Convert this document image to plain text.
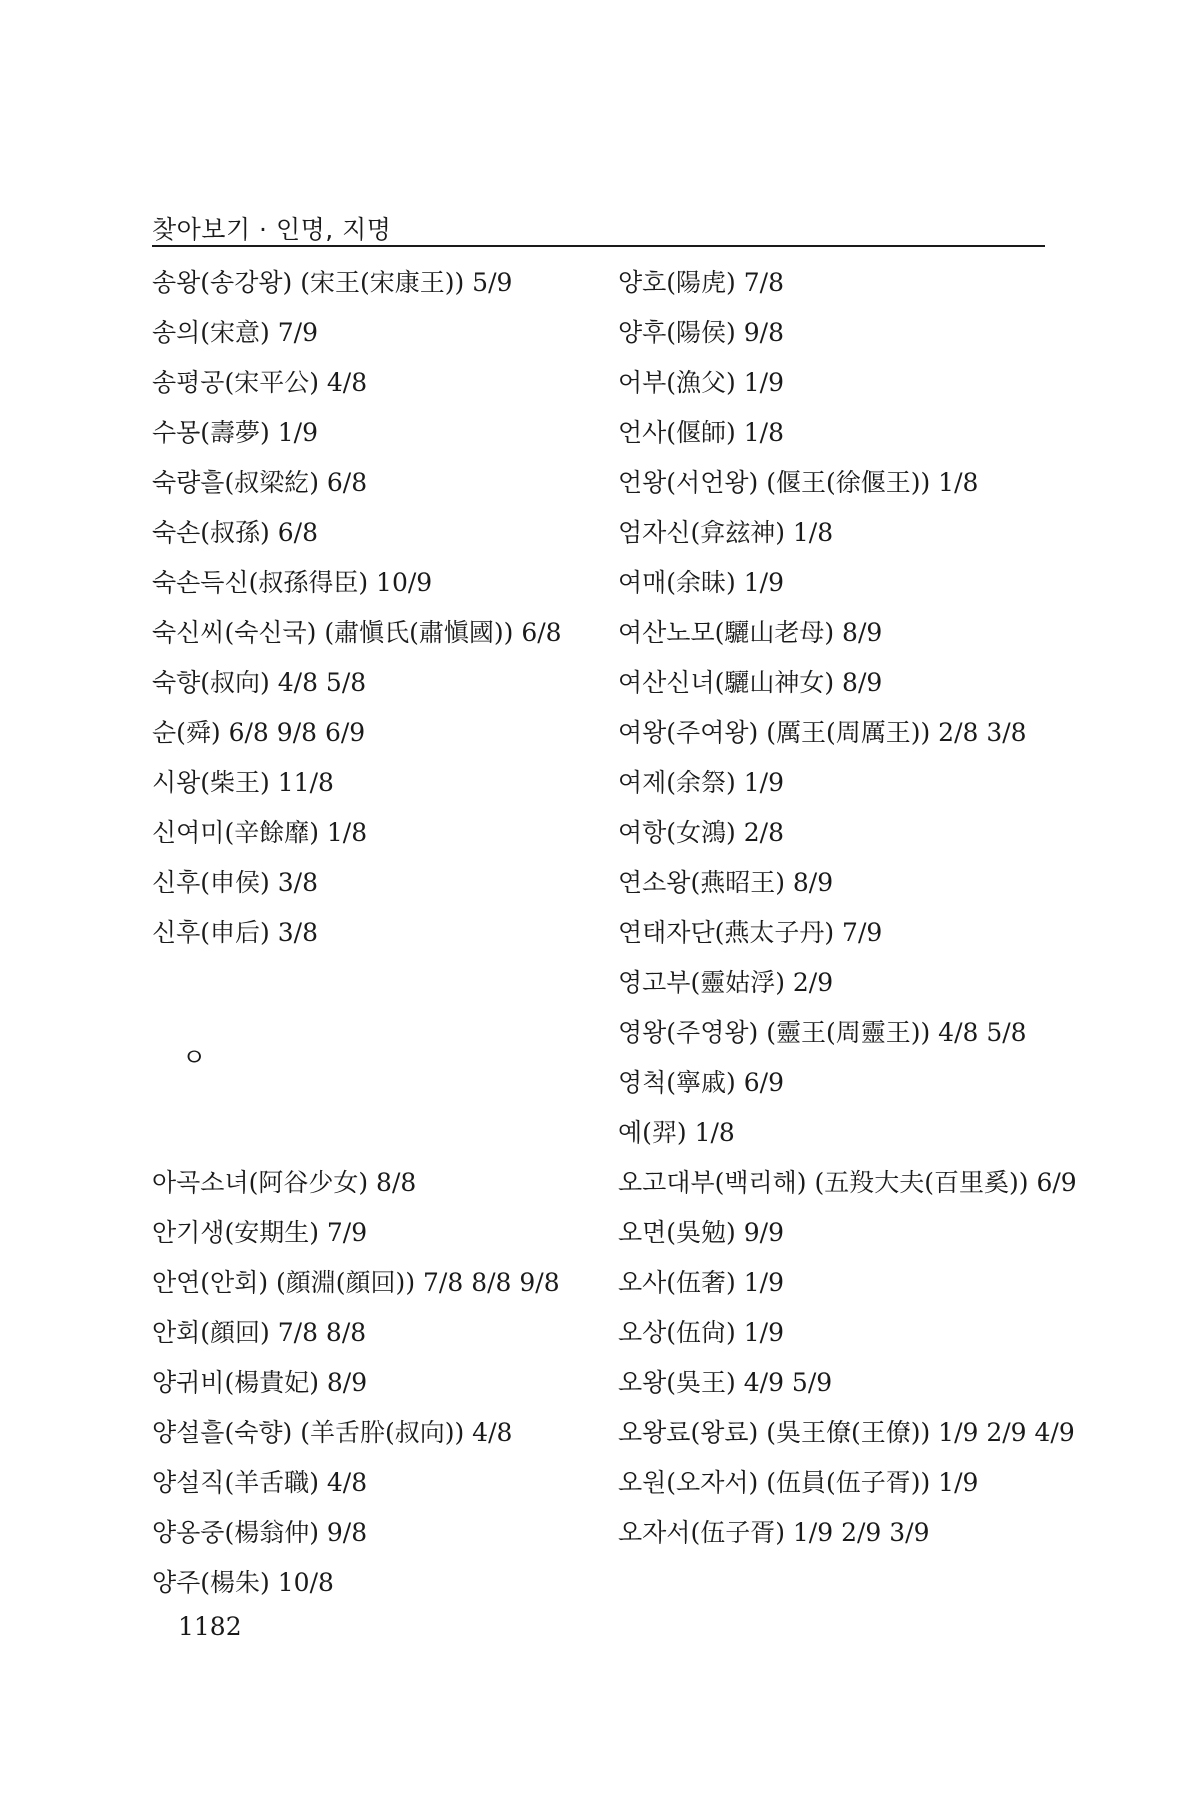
찾아보기 · 인명, 지명
송왕(송강왕) (宋王(宋康王)) 5/9
송의(宋意) 7/9
송평공(宋平公) 4/8
수몽(壽夢) 1/9
숙량흘(叔梁紇) 6/8
숙손(叔孫) 6/8
숙손득신(叔孫得臣) 10/9
숙신씨(숙신국) (肅愼氏(肅愼國)) 6/8
숙향(叔向) 4/8 5/8
순(舜) 6/8 9/8 6/9
시왕(柴王) 11/8
신여미(辛餘靡) 1/8
신후(申侯) 3/8
신후(申后) 3/8
ㅇ
아곡소녀(阿谷少女) 8/8
안기생(安期生) 7/9
안연(안회) (顔淵(顔回)) 7/8 8/8 9/8
안회(顔回) 7/8 8/8
양귀비(楊貴妃) 8/9
양설흘(숙향) (羊舌肸(叔向)) 4/8
양설직(羊舌職) 4/8
양옹중(楊翁仲) 9/8
양주(楊朱) 10/8
양호(陽虎) 7/8
양후(陽侯) 9/8
어부(漁父) 1/9
언사(偃師) 1/8
언왕(서언왕) (偃王(徐偃王)) 1/8
엄자신(弇玆神) 1/8
여매(余昧) 1/9
여산노모(驪山老母) 8/9
여산신녀(驪山神女) 8/9
여왕(주여왕) (厲王(周厲王)) 2/8 3/8
여제(余祭) 1/9
여항(女鴻) 2/8
연소왕(燕昭王) 8/9
연태자단(燕太子丹) 7/9
영고부(靈姑浮) 2/9
영왕(주영왕) (靈王(周靈王)) 4/8 5/8
영척(寧戚) 6/9
예(羿) 1/8
오고대부(백리해) (五羖大夫(百里奚)) 6/9
오면(吳勉) 9/9
오사(伍奢) 1/9
오상(伍尙) 1/9
오왕(吳王) 4/9 5/9
오왕료(왕료) (吳王僚(王僚)) 1/9 2/9 4/9
오원(오자서) (伍員(伍子胥)) 1/9
오자서(伍子胥) 1/9 2/9 3/9
1182
